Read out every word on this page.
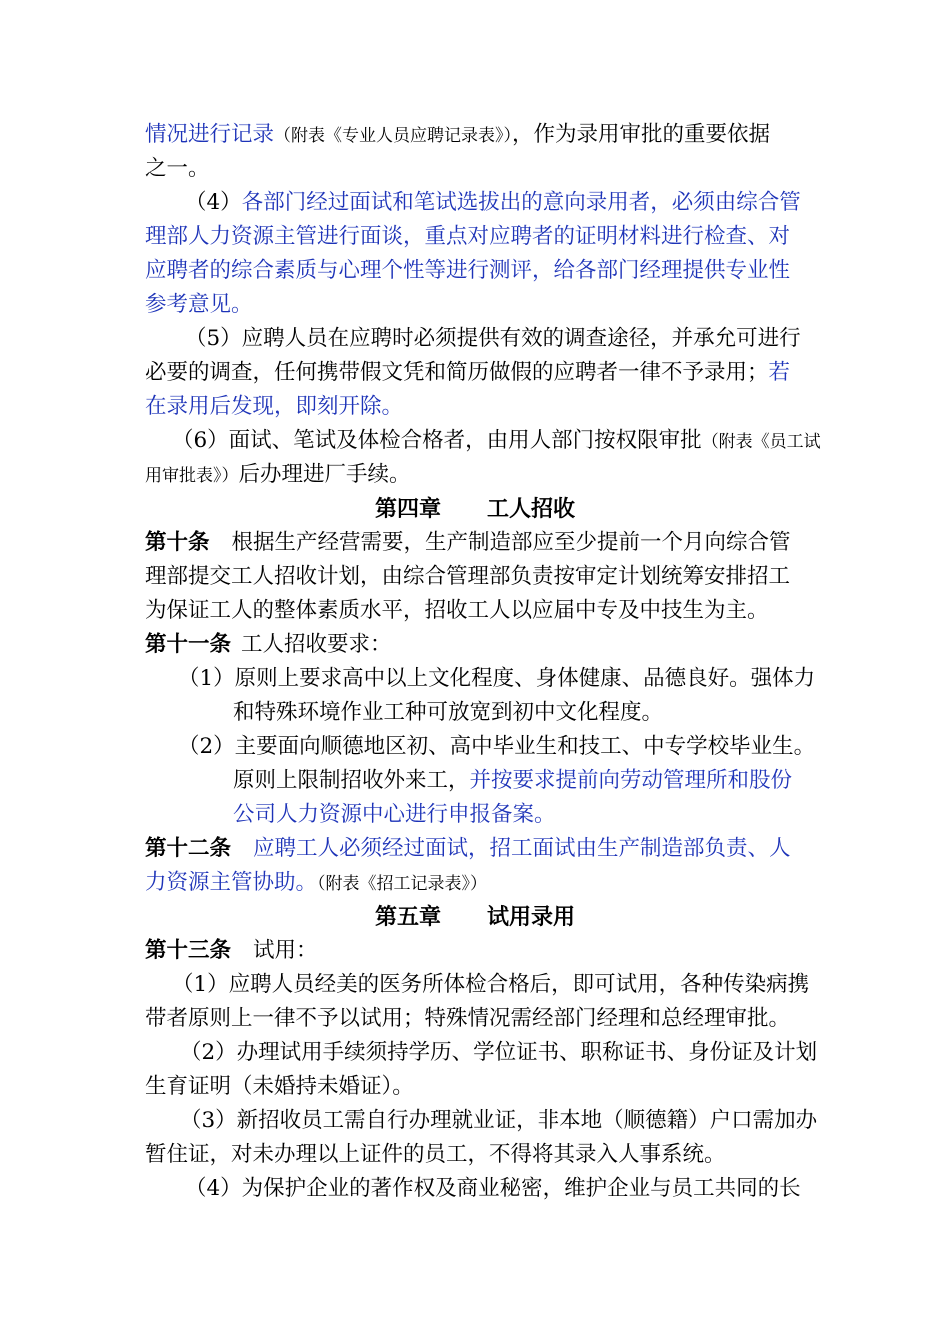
情况进行记录（附表《专业人员应聘记录表》），作为录用审批的重要依据
之一。
（4）各部门经过面试和笔试选拔出的意向录用者，必须由综合管
理部人力资源主管进行面谈，重点对应聘者的证明材料进行检查、对
应聘者的综合素质与心理个性等进行测评，给各部门经理提供专业性
参考意见。
（5）应聘人员在应聘时必须提供有效的调查途径，并承允可进行
必要的调查，任何携带假文凭和简历做假的应聘者一律不予录用；若
在录用后发现，即刻开除。
（6）面试、笔试及体检合格者，由用人部门按权限审批（附表《员工试
用审批表》）后办理进厂手续。
第四章      工人招收
第十条 根据生产经营需要，生产制造部应至少提前一个月向综合管
理部提交工人招收计划，由综合管理部负责按审定计划统筹安排招工
为保证工人的整体素质水平，招收工人以应届中专及中技生为主。
第十一条 工人招收要求：
（1）原则上要求高中以上文化程度、身体健康、品德良好。强体力
和特殊环境作业工种可放宽到初中文化程度。
（2）主要面向顺德地区初、高中毕业生和技工、中专学校毕业生。
原则上限制招收外来工，并按要求提前向劳动管理所和股份
公司人力资源中心进行申报备案。
第十二条 应聘工人必须经过面试，招工面试由生产制造部负责、人
力资源主管协助。（附表《招工记录表》）
第五章      试用录用
第十三条 试用：
（1）应聘人员经美的医务所体检合格后，即可试用，各种传染病携
带者原则上一律不予以试用；特殊情况需经部门经理和总经理审批。
（2）办理试用手续须持学历、学位证书、职称证书、身份证及计划
生育证明（未婚持未婚证）。
（3）新招收员工需自行办理就业证，非本地（顺德籍）户口需加办
暂住证，对未办理以上证件的员工，不得将其录入人事系统。
（4）为保护企业的著作权及商业秘密，维护企业与员工共同的长
